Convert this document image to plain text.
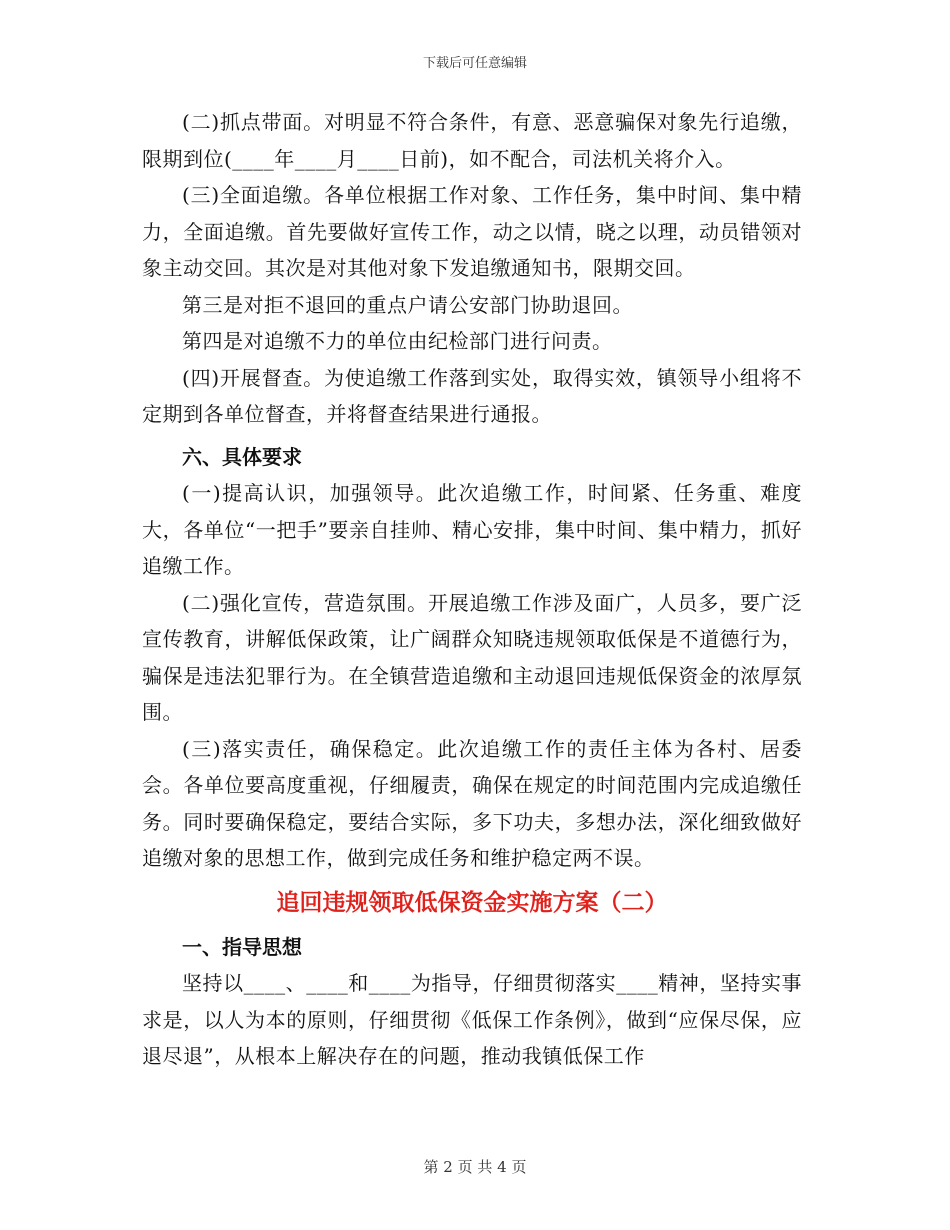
下载后可任意编辑

(二)抓点带面。对明显不符合条件，有意、恶意骗保对象先行追缴，限期到位(____年____月____日前)，如不配合，司法机关将介入。

(三)全面追缴。各单位根据工作对象、工作任务，集中时间、集中精力，全面追缴。首先要做好宣传工作，动之以情，晓之以理，动员错领对象主动交回。其次是对其他对象下发追缴通知书，限期交回。

第三是对拒不退回的重点户请公安部门协助退回。

第四是对追缴不力的单位由纪检部门进行问责。

(四)开展督查。为使追缴工作落到实处，取得实效，镇领导小组将不定期到各单位督查，并将督查结果进行通报。

六、具体要求

(一)提高认识，加强领导。此次追缴工作，时间紧、任务重、难度大，各单位“一把手”要亲自挂帅、精心安排，集中时间、集中精力，抓好追缴工作。

(二)强化宣传，营造氛围。开展追缴工作涉及面广，人员多，要广泛宣传教育，讲解低保政策，让广阔群众知晓违规领取低保是不道德行为，骗保是违法犯罪行为。在全镇营造追缴和主动退回违规低保资金的浓厚氛围。

(三)落实责任，确保稳定。此次追缴工作的责任主体为各村、居委会。各单位要高度重视，仔细履责，确保在规定的时间范围内完成追缴任务。同时要确保稳定，要结合实际，多下功夫，多想办法，深化细致做好追缴对象的思想工作，做到完成任务和维护稳定两不误。

追回违规领取低保资金实施方案（二）

一、指导思想

坚持以____、____和____为指导，仔细贯彻落实____精神，坚持实事求是，以人为本的原则，仔细贯彻《低保工作条例》，做到“应保尽保，应退尽退”，从根本上解决存在的问题，推动我镇低保工作

第 2 页 共 4 页
